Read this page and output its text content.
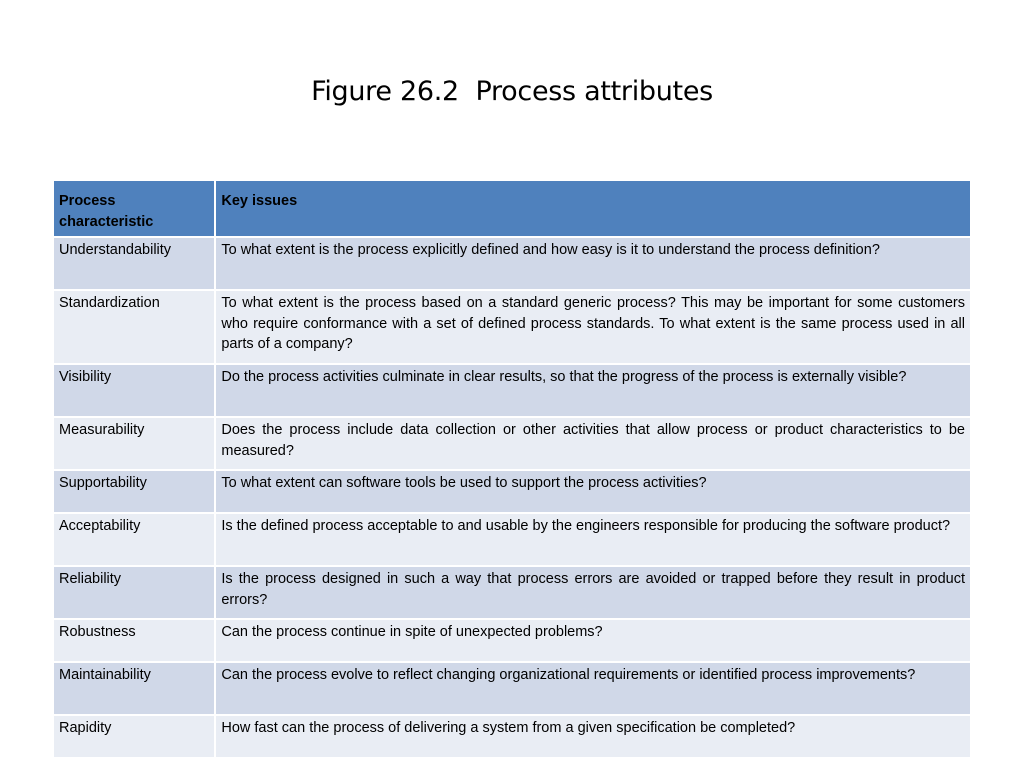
Figure 26.2  Process attributes
Process characteristic	Key issues
Understandability	To what extent is the process explicitly defined and how easy is it to understand the process definition?
Standardization	To what extent is the process based on a standard generic process? This may be important for some customers who require conformance with a set of defined process standards. To what extent is the same process used in all parts of a company?
Visibility	Do the process activities culminate in clear results, so that the progress of the process is externally visible?
Measurability	Does the process include data collection or other activities that allow process or product characteristics to be measured?
Supportability	To what extent can software tools be used to support the process activities?
Acceptability	Is the defined process acceptable to and usable by the engineers responsible for producing the software product?
Reliability	Is the process designed in such a way that process errors are avoided or trapped before they result in product errors?
Robustness	Can the process continue in spite of unexpected problems?
Maintainability	Can the process evolve to reflect changing organizational requirements or identified process improvements?
Rapidity	How fast can the process of delivering a system from a given specification be completed?
